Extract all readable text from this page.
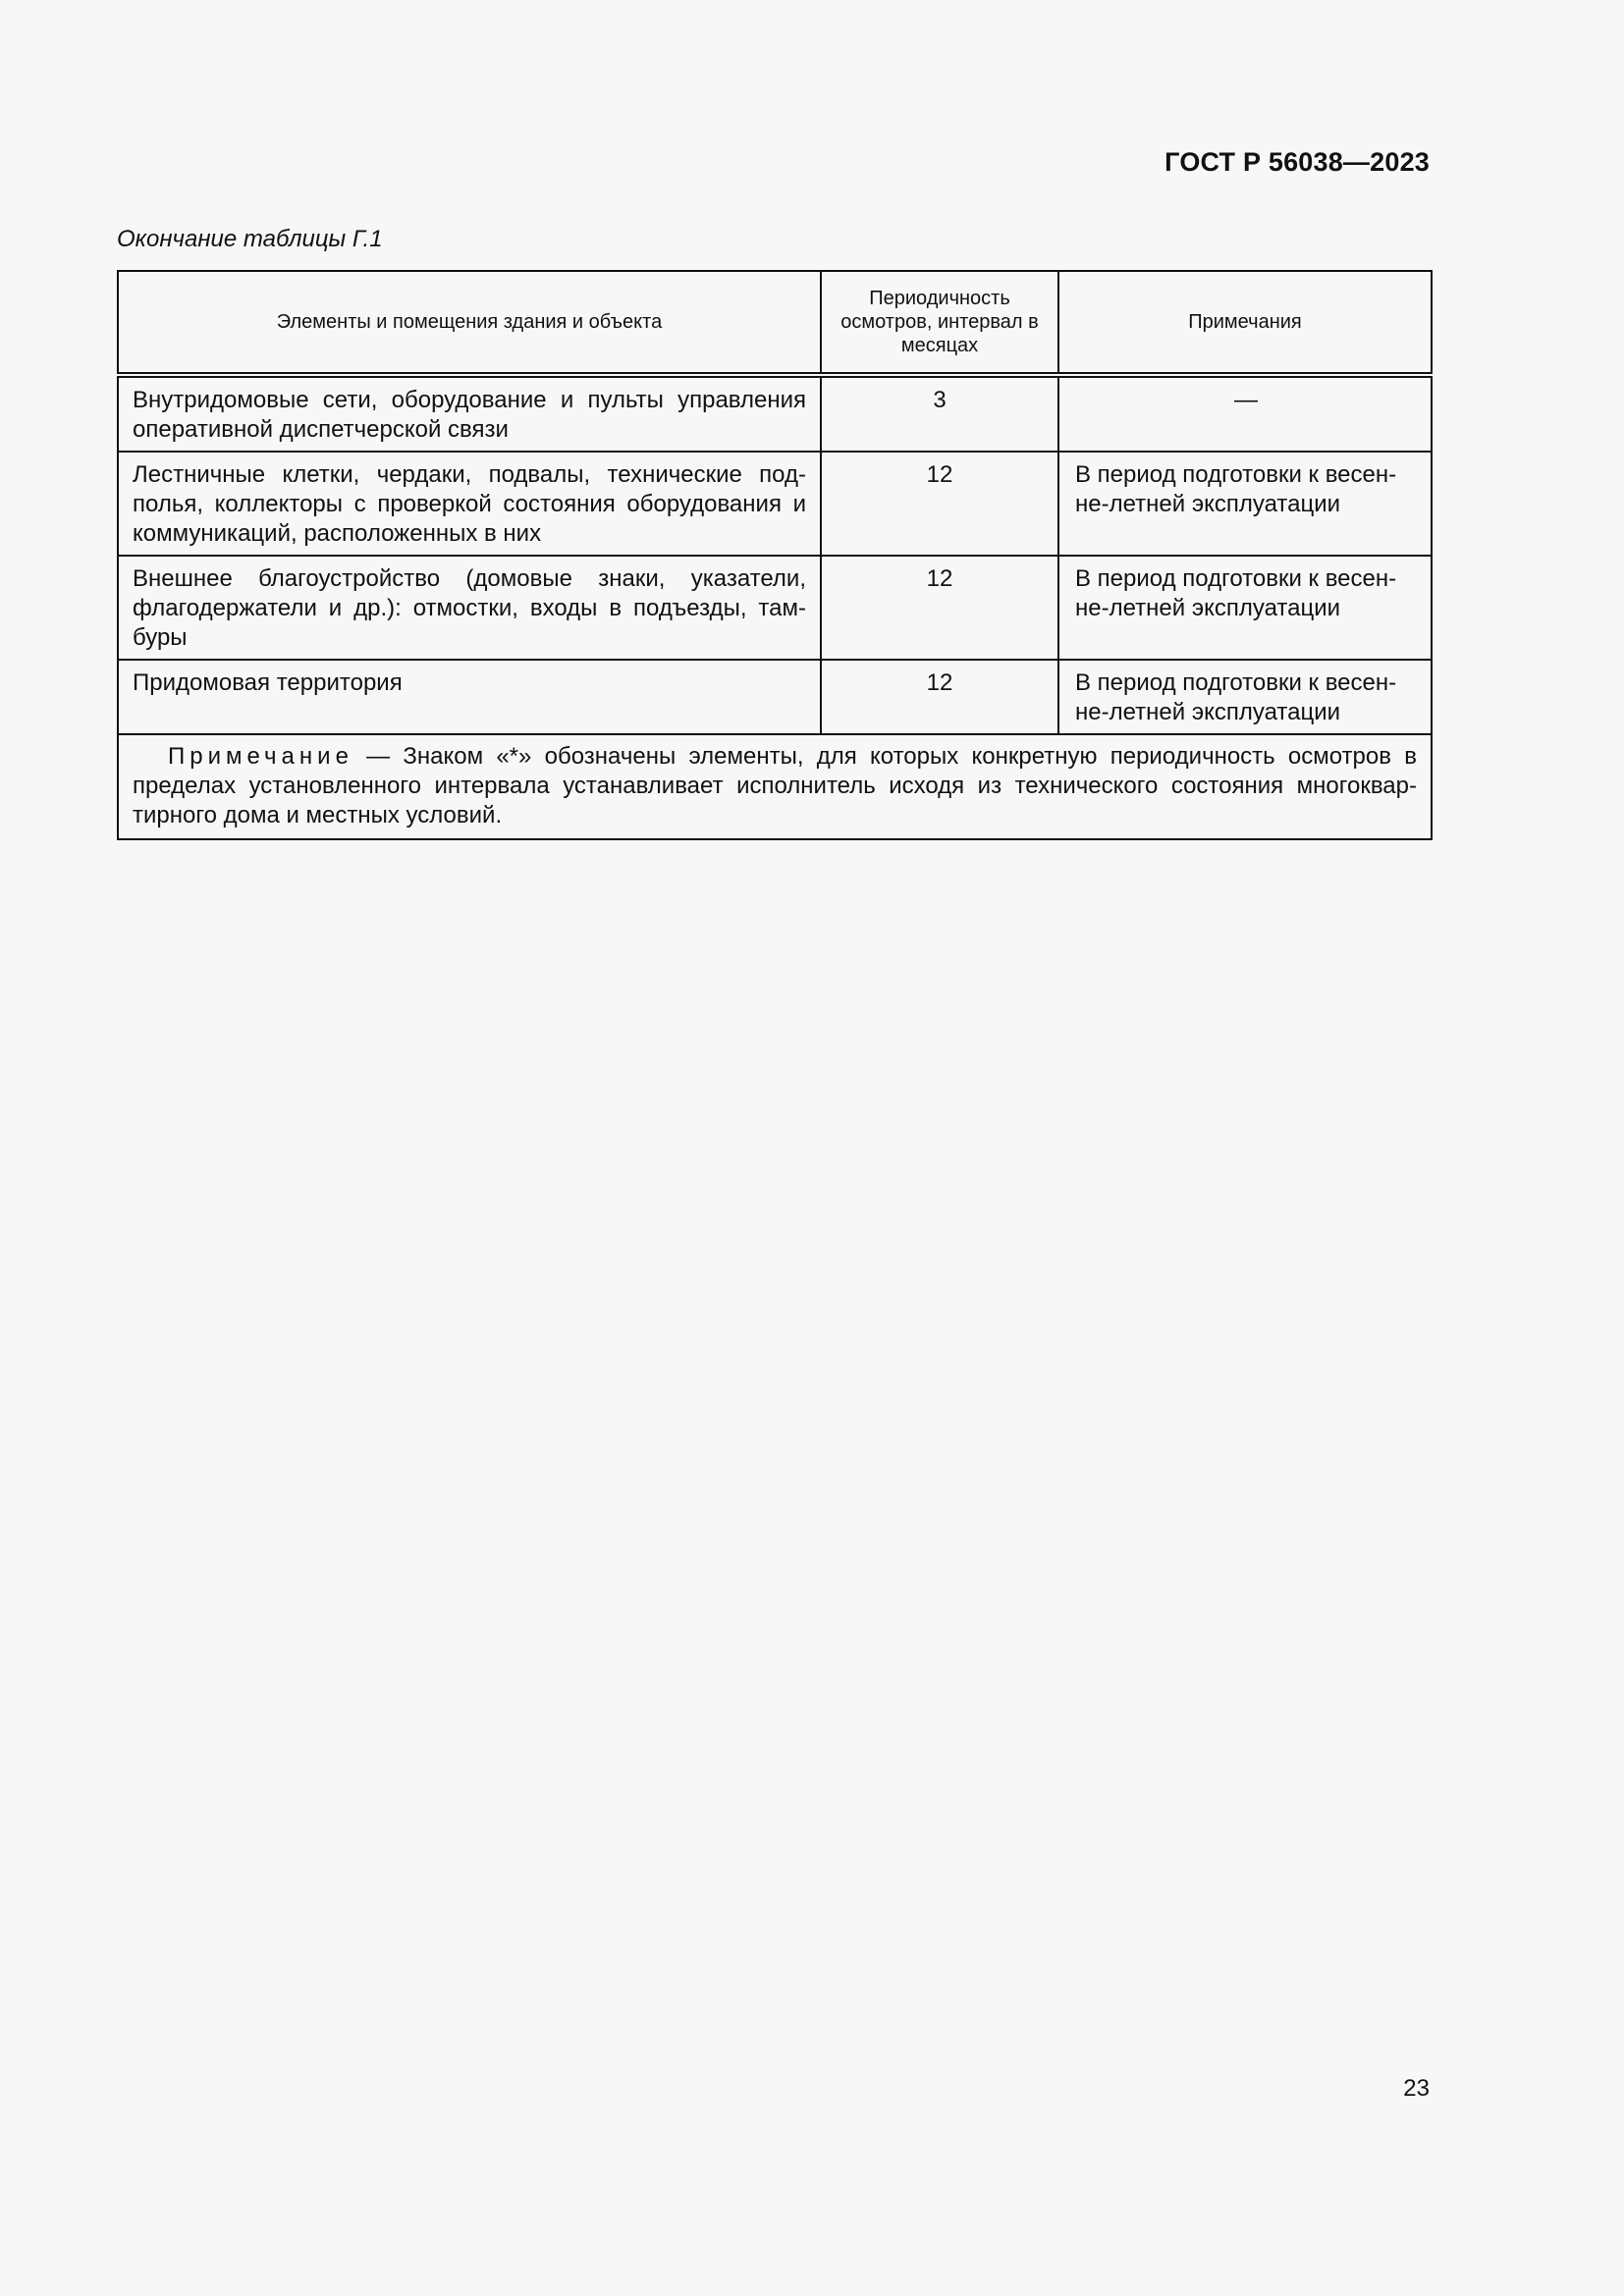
ГОСТ Р 56038—2023
Окончание таблицы Г.1
Элементы и помещения здания и объекта	Периодичность осмотров, интервал в месяцах	Примечания
Внутридомовые сети, оборудование и пульты управления оперативной диспетчерской связи	3	—
Лестничные клетки, чердаки, подвалы, технические под-полья, коллекторы с проверкой состояния оборудования и коммуникаций, расположенных в них	12	В период подготовки к весен-не-летней эксплуатации
Внешнее благоустройство (домовые знаки, указатели, флагодержатели и др.): отмостки, входы в подъезды, там-буры	12	В период подготовки к весен-не-летней эксплуатации
Придомовая территория	12	В период подготовки к весен-не-летней эксплуатации
Примечание — Знаком «*» обозначены элементы, для которых конкретную периодичность осмотров в пределах установленного интервала устанавливает исполнитель исходя из технического состояния многоквар-тирного дома и местных условий.		
23
